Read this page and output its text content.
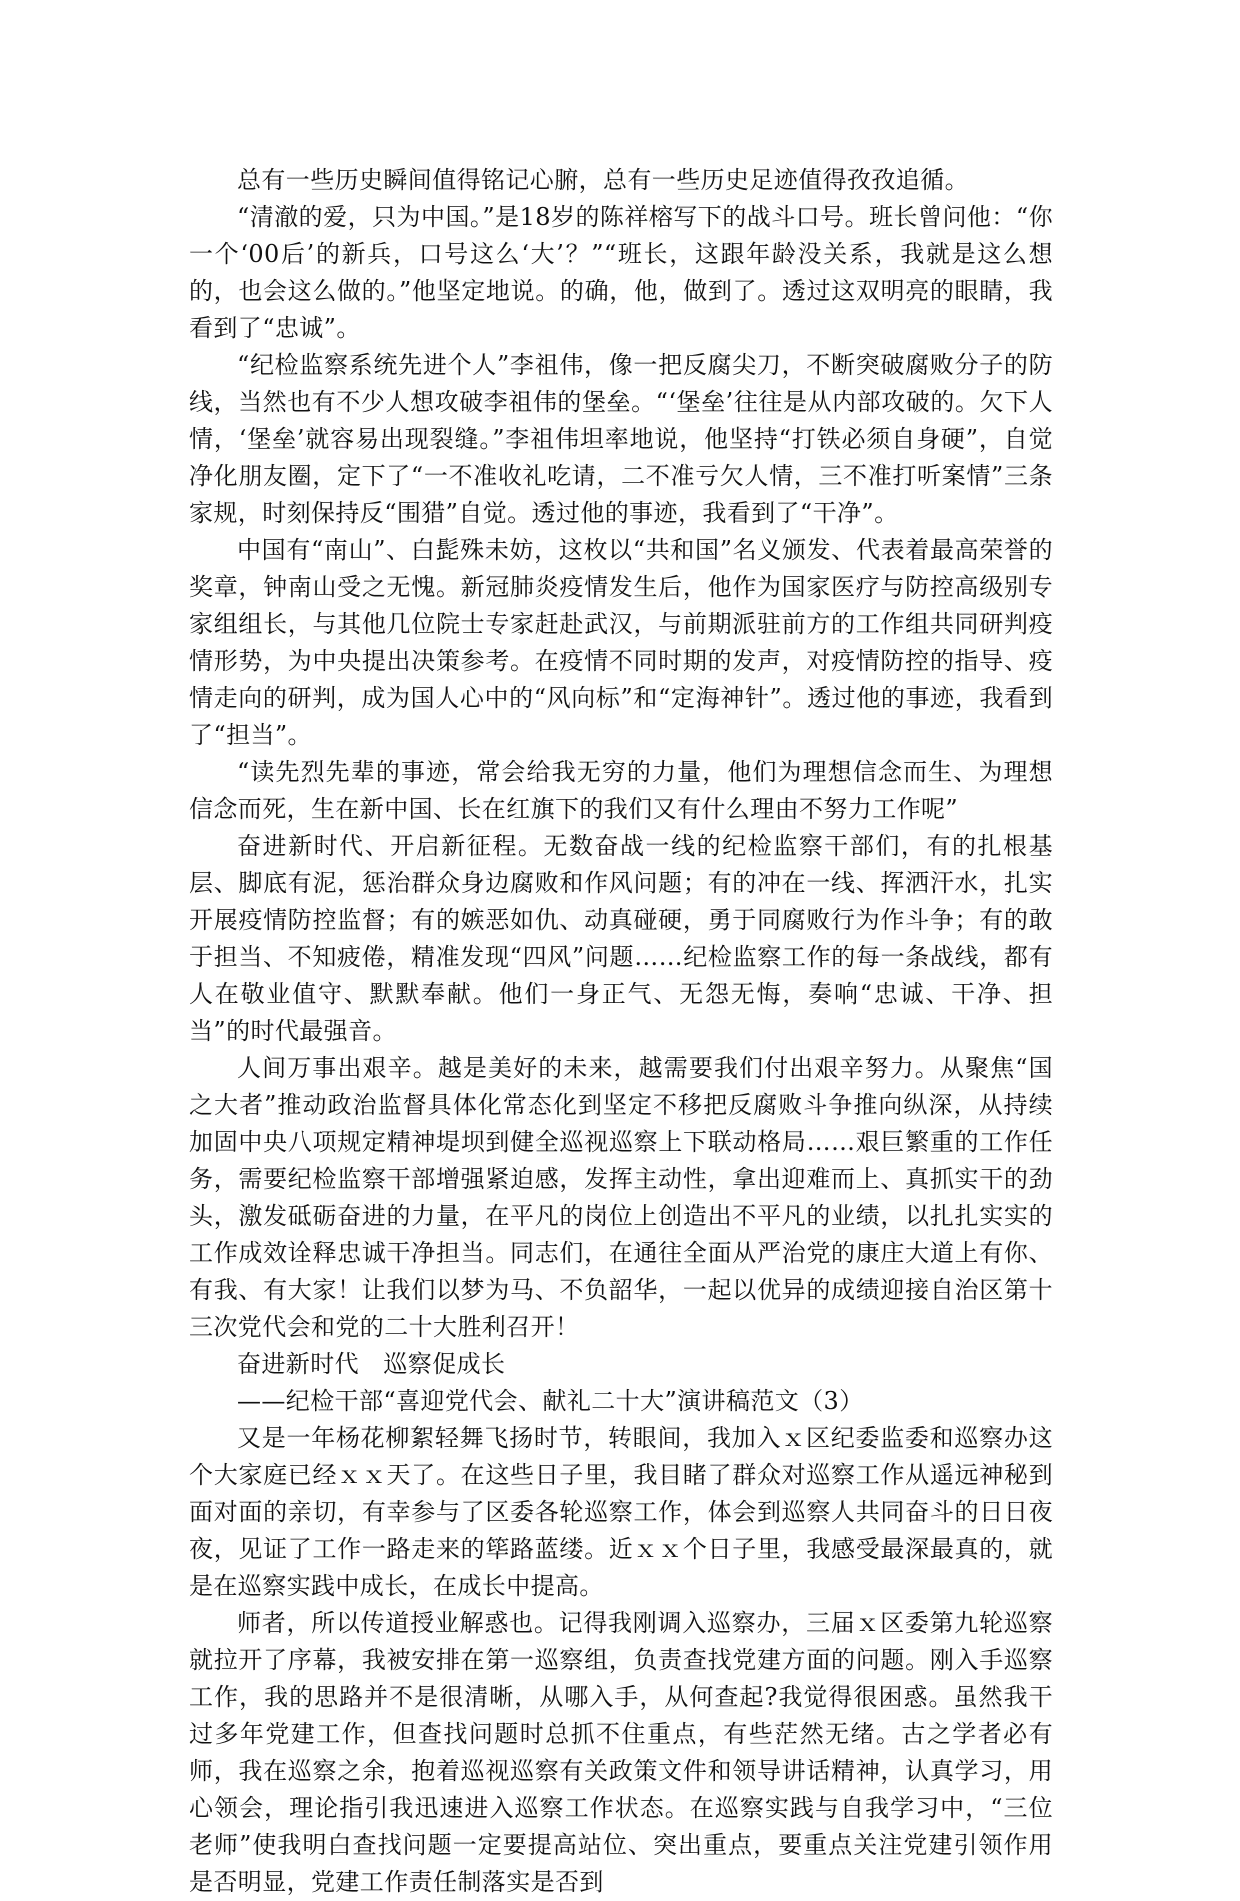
总有一些历史瞬间值得铭记心腑，总有一些历史足迹值得孜孜追循。

“清澈的爱，只为中国。”是18岁的陈祥榕写下的战斗口号。班长曾问他：“你一个‘00后’的新兵，口号这么‘大’？”“班长，这跟年龄没关系，我就是这么想的，也会这么做的。”他坚定地说。的确，他，做到了。透过这双明亮的眼睛，我看到了“忠诚”。

“纪检监察系统先进个人”李祖伟，像一把反腐尖刀，不断突破腐败分子的防线，当然也有不少人想攻破李祖伟的堡垒。“‘堡垒’往往是从内部攻破的。欠下人情，‘堡垒’就容易出现裂缝。”李祖伟坦率地说，他坚持“打铁必须自身硬”，自觉净化朋友圈，定下了“一不准收礼吃请，二不准亏欠人情，三不准打听案情”三条家规，时刻保持反“围猎”自觉。透过他的事迹，我看到了“干净”。

中国有“南山”、白髭殊未妨，这枚以“共和国”名义颁发、代表着最高荣誉的奖章，钟南山受之无愧。新冠肺炎疫情发生后，他作为国家医疗与防控高级别专家组组长，与其他几位院士专家赶赴武汉，与前期派驻前方的工作组共同研判疫情形势，为中央提出决策参考。在疫情不同时期的发声，对疫情防控的指导、疫情走向的研判，成为国人心中的“风向标”和“定海神针”。透过他的事迹，我看到了“担当”。

“读先烈先辈的事迹，常会给我无穷的力量，他们为理想信念而生、为理想信念而死，生在新中国、长在红旗下的我们又有什么理由不努力工作呢”

奋进新时代、开启新征程。无数奋战一线的纪检监察干部们，有的扎根基层、脚底有泥，惩治群众身边腐败和作风问题；有的冲在一线、挥洒汗水，扎实开展疫情防控监督；有的嫉恶如仇、动真碰硬，勇于同腐败行为作斗争；有的敢于担当、不知疲倦，精准发现“四风”问题……纪检监察工作的每一条战线，都有人在敬业值守、默默奉献。他们一身正气、无怨无悔，奏响“忠诚、干净、担当”的时代最强音。

人间万事出艰辛。越是美好的未来，越需要我们付出艰辛努力。从聚焦“国之大者”推动政治监督具体化常态化到坚定不移把反腐败斗争推向纵深，从持续加固中央八项规定精神堤坝到健全巡视巡察上下联动格局……艰巨繁重的工作任务，需要纪检监察干部增强紧迫感，发挥主动性，拿出迎难而上、真抓实干的劲头，激发砥砺奋进的力量，在平凡的岗位上创造出不平凡的业绩，以扎扎实实的工作成效诠释忠诚干净担当。同志们，在通往全面从严治党的康庄大道上有你、有我、有大家！让我们以梦为马、不负韶华，一起以优异的成绩迎接自治区第十三次党代会和党的二十大胜利召开！

奋进新时代　巡察促成长

——纪检干部“喜迎党代会、献礼二十大”演讲稿范文（3）

又是一年杨花柳絮轻舞飞扬时节，转眼间，我加入ｘ区纪委监委和巡察办这个大家庭已经ｘｘ天了。在这些日子里，我目睹了群众对巡察工作从遥远神秘到面对面的亲切，有幸参与了区委各轮巡察工作，体会到巡察人共同奋斗的日日夜夜，见证了工作一路走来的筚路蓝缕。近ｘｘ个日子里，我感受最深最真的，就是在巡察实践中成长，在成长中提高。

师者，所以传道授业解惑也。记得我刚调入巡察办，三届ｘ区委第九轮巡察就拉开了序幕，我被安排在第一巡察组，负责查找党建方面的问题。刚入手巡察工作，我的思路并不是很清晰，从哪入手，从何查起?我觉得很困惑。虽然我干过多年党建工作，但查找问题时总抓不住重点，有些茫然无绪。古之学者必有师，我在巡察之余，抱着巡视巡察有关政策文件和领导讲话精神，认真学习，用心领会，理论指引我迅速进入巡察工作状态。在巡察实践与自我学习中，“三位老师”使我明白查找问题一定要提高站位、突出重点，要重点关注党建引领作用是否明显，党建工作责任制落实是否到
